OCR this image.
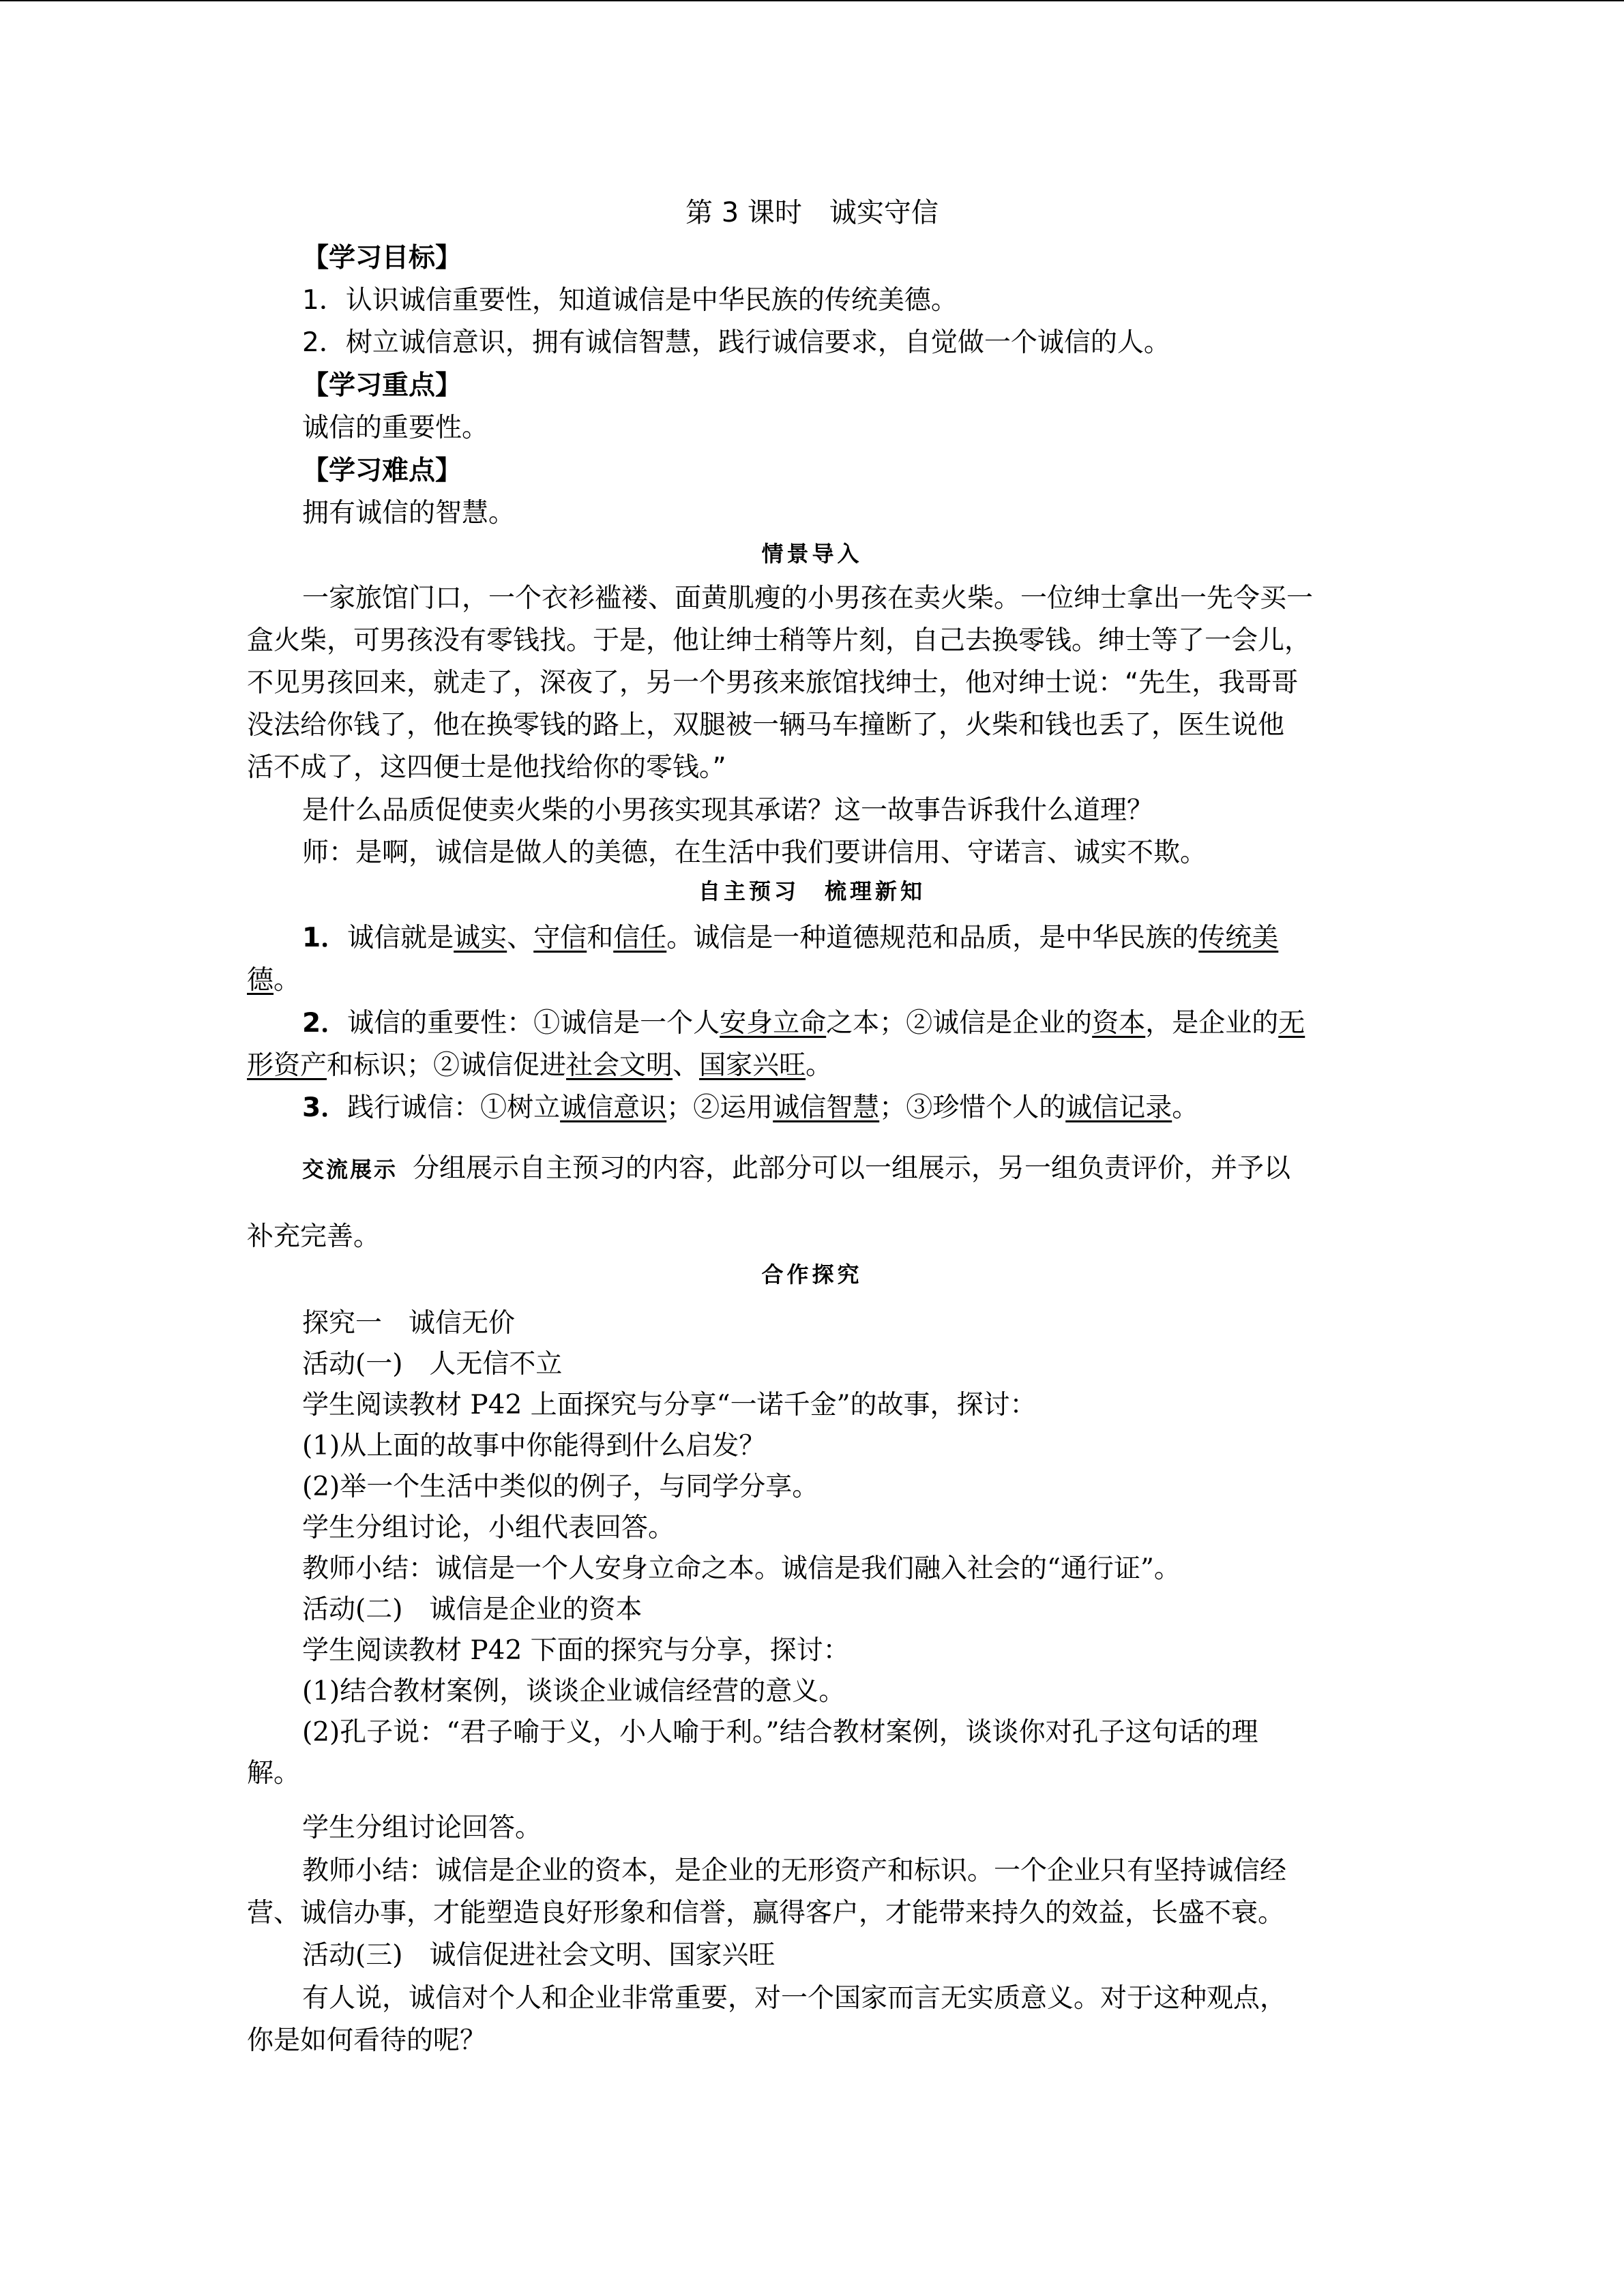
第 3 课时　诚实守信
【学习目标】
1．认识诚信重要性，知道诚信是中华民族的传统美德。
2．树立诚信意识，拥有诚信智慧，践行诚信要求，自觉做一个诚信的人。
【学习重点】
诚信的重要性。
【学习难点】
拥有诚信的智慧。
情景导入
一家旅馆门口，一个衣衫褴褛、面黄肌瘦的小男孩在卖火柴。一位绅士拿出一先令买一
盒火柴，可男孩没有零钱找。于是，他让绅士稍等片刻，自己去换零钱。绅士等了一会儿，
不见男孩回来，就走了，深夜了，另一个男孩来旅馆找绅士，他对绅士说：“先生，我哥哥
没法给你钱了，他在换零钱的路上，双腿被一辆马车撞断了，火柴和钱也丢了，医生说他
活不成了，这四便士是他找给你的零钱。”
是什么品质促使卖火柴的小男孩实现其承诺？这一故事告诉我什么道理？
师：是啊，诚信是做人的美德，在生活中我们要讲信用、守诺言、诚实不欺。
自主预习　梳理新知
1．诚信就是诚实、守信和信任。诚信是一种道德规范和品质，是中华民族的传统美
德。
2．诚信的重要性：①诚信是一个人安身立命之本；②诚信是企业的资本，是企业的无
形资产和标识；②诚信促进社会文明、国家兴旺。
3．践行诚信：①树立诚信意识；②运用诚信智慧；③珍惜个人的诚信记录。
交流展示 分组展示自主预习的内容，此部分可以一组展示，另一组负责评价，并予以
补充完善。
合作探究
探究一　诚信无价
活动(一)　人无信不立
学生阅读教材 P42 上面探究与分享“一诺千金”的故事，探讨：
(1)从上面的故事中你能得到什么启发？
(2)举一个生活中类似的例子，与同学分享。
学生分组讨论，小组代表回答。
教师小结：诚信是一个人安身立命之本。诚信是我们融入社会的“通行证”。
活动(二)　诚信是企业的资本
学生阅读教材 P42 下面的探究与分享，探讨：
(1)结合教材案例，谈谈企业诚信经营的意义。
(2)孔子说：“君子喻于义，小人喻于利。”结合教材案例，谈谈你对孔子这句话的理
解。
学生分组讨论回答。
教师小结：诚信是企业的资本，是企业的无形资产和标识。一个企业只有坚持诚信经
营、诚信办事，才能塑造良好形象和信誉，赢得客户，才能带来持久的效益，长盛不衰。
活动(三)　诚信促进社会文明、国家兴旺
有人说，诚信对个人和企业非常重要，对一个国家而言无实质意义。对于这种观点，
你是如何看待的呢？
